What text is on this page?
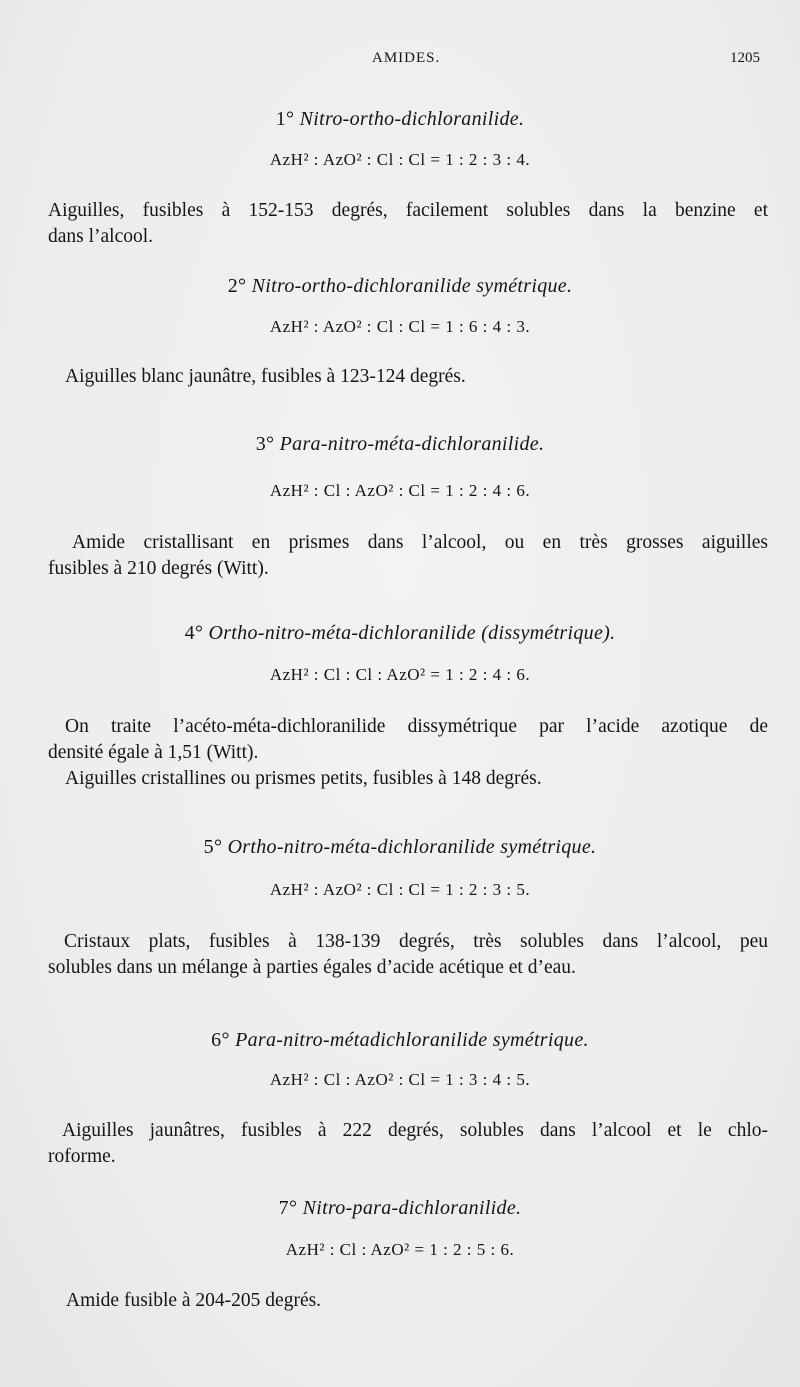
AMIDES.	1205
1° Nitro-ortho-dichloranilide.
AzH² : AzO² : Cl : Cl = 1 : 2 : 3 : 4.
Aiguilles, fusibles à 152-153 degrés, facilement solubles dans la benzine et
dans l’alcool.
2° Nitro-ortho-dichloranilide symétrique.
AzH² : AzO² : Cl : Cl = 1 : 6 : 4 : 3.
Aiguilles blanc jaunâtre, fusibles à 123-124 degrés.
3° Para-nitro-méta-dichloranilide.
AzH² : Cl : AzO² : Cl = 1 : 2 : 4 : 6.
Amide cristallisant en prismes dans l’alcool, ou en très grosses aiguilles
fusibles à 210 degrés (Witt).
4° Ortho-nitro-méta-dichloranilide (dissymétrique).
AzH² : Cl : Cl : AzO² = 1 : 2 : 4 : 6.
On traite l’acéto-méta-dichloranilide dissymétrique par l’acide azotique de
densité égale à 1,51 (Witt).
Aiguilles cristallines ou prismes petits, fusibles à 148 degrés.
5° Ortho-nitro-méta-dichloranilide symétrique.
AzH² : AzO² : Cl : Cl = 1 : 2 : 3 : 5.
Cristaux plats, fusibles à 138-139 degrés, très solubles dans l’alcool, peu
solubles dans un mélange à parties égales d’acide acétique et d’eau.
6° Para-nitro-métadichloranilide symétrique.
AzH² : Cl : AzO² : Cl = 1 : 3 : 4 : 5.
Aiguilles jaunâtres, fusibles à 222 degrés, solubles dans l’alcool et le chlo-
roforme.
7° Nitro-para-dichloranilide.
AzH² : Cl : AzO² = 1 : 2 : 5 : 6.
Amide fusible à 204-205 degrés.
